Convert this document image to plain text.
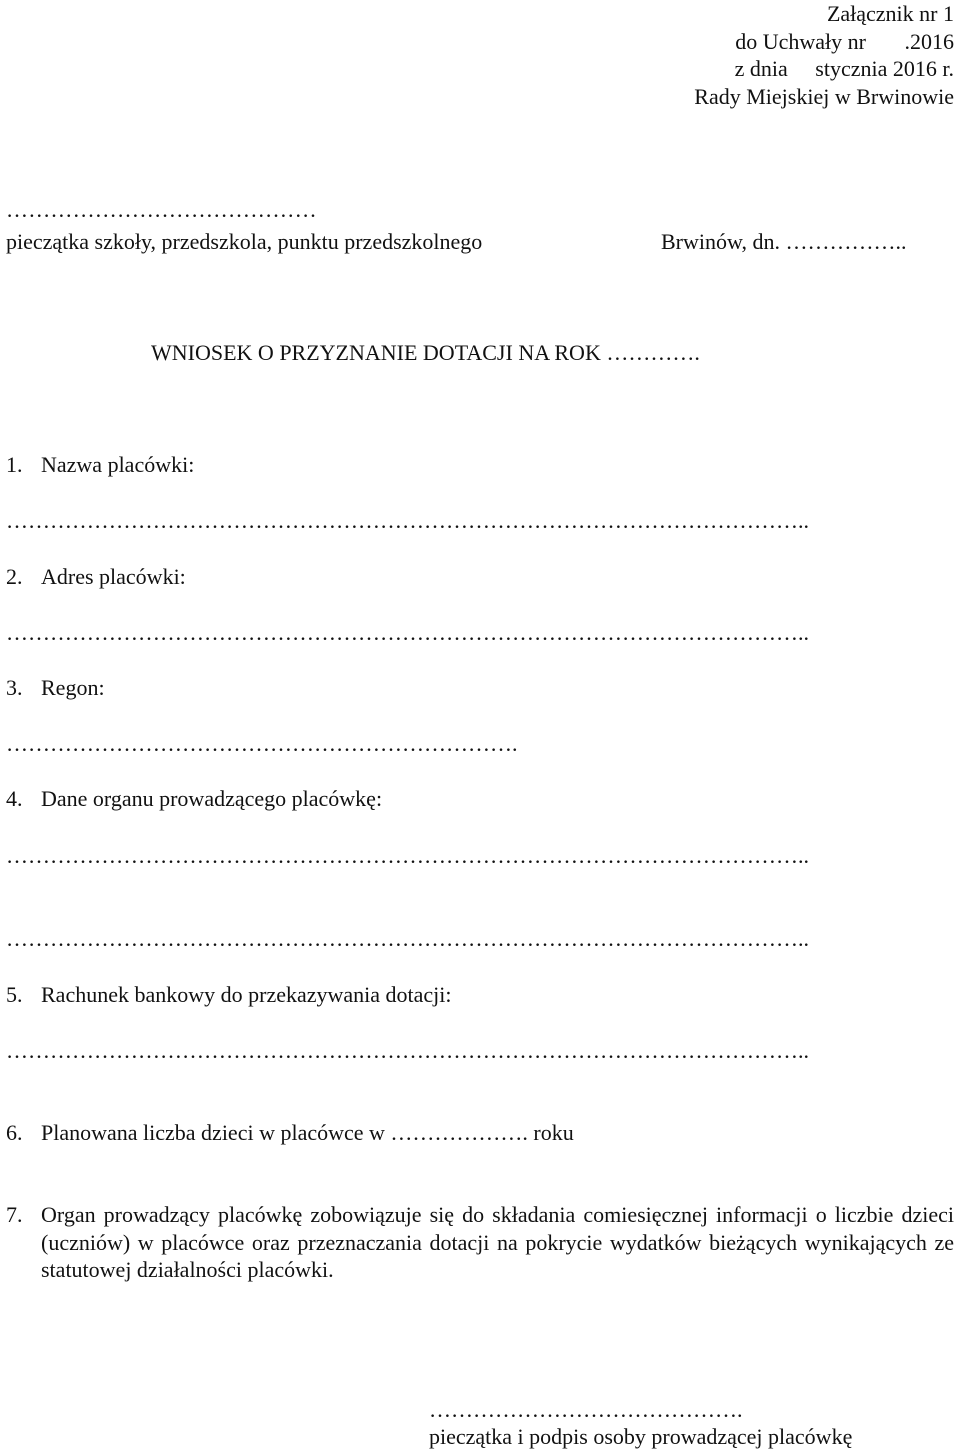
Załącznik nr 1
do Uchwały nr       .2016
z dnia     stycznia 2016 r.
Rady Miejskiej w Brwinowie
……………………………………
pieczątka szkoły, przedszkola, punktu przedszkolnego	Brwinów, dn. ……………..
WNIOSEK O PRZYZNANIE DOTACJI NA ROK ………….
1. Nazwa placówki:
………………………………………………………………………………………………..
2. Adres placówki:
………………………………………………………………………………………………..
3. Regon:
…………………………………………………………….
4. Dane organu prowadzącego placówkę:
………………………………………………………………………………………………..
………………………………………………………………………………………………..
5. Rachunek bankowy do przekazywania dotacji:
………………………………………………………………………………………………..
6. Planowana liczba dzieci w placówce w ………………. roku
7. Organ prowadzący placówkę zobowiązuje się do składania comiesięcznej informacji o liczbie dzieci (uczniów) w placówce oraz przeznaczania dotacji na pokrycie wydatków bieżących wynikających ze statutowej działalności placówki.
…………………………………….
pieczątka i podpis osoby prowadzącej placówkę
